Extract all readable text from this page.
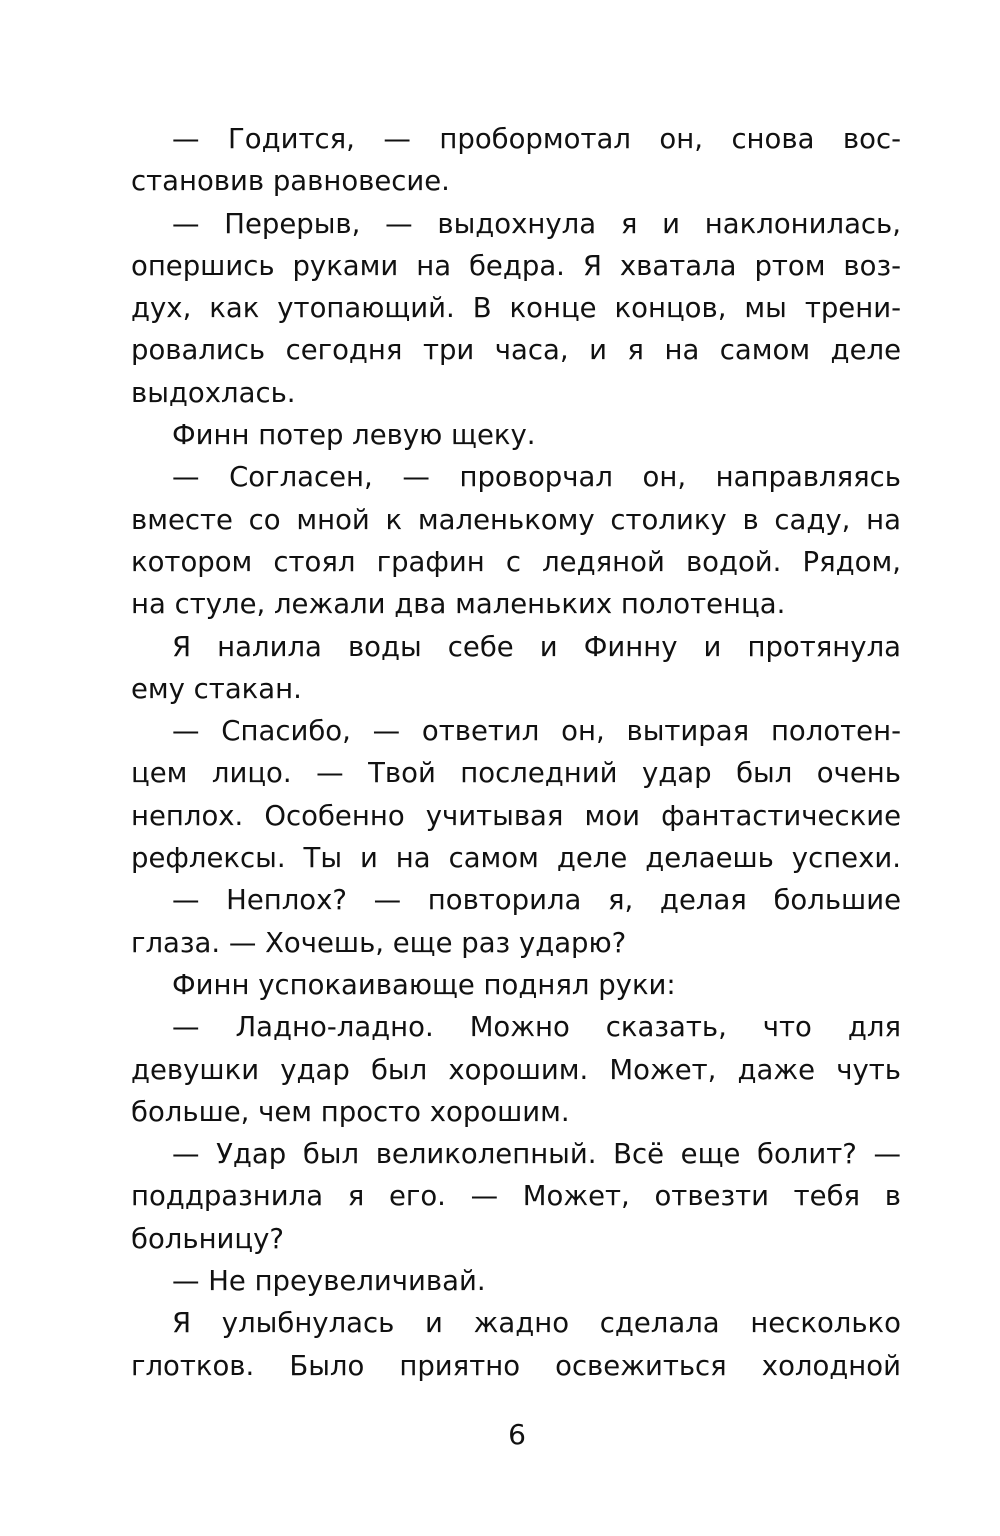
— Годится, — пробормотал он, снова вос-
становив равновесие.
— Перерыв, — выдохнула я и наклонилась,
опершись руками на бедра. Я хватала ртом воз-
дух, как утопающий. В конце концов, мы трени-
ровались сегодня три часа, и я на самом деле
выдохлась.
Финн потер левую щеку.
— Согласен, — проворчал он, направляясь
вместе со мной к маленькому столику в саду, на
котором стоял графин с ледяной водой. Рядом,
на стуле, лежали два маленьких полотенца.
Я налила воды себе и Финну и протянула
ему стакан.
— Спасибо, — ответил он, вытирая полотен-
цем лицо. — Твой последний удар был очень
неплох. Особенно учитывая мои фантастические
рефлексы. Ты и на самом деле делаешь успехи.
— Неплох? — повторила я, делая большие
глаза. — Хочешь, еще раз ударю?
Финн успокаивающе поднял руки:
— Ладно-ладно. Можно сказать, что для
девушки удар был хорошим. Может, даже чуть
больше, чем просто хорошим.
— Удар был великолепный. Всё еще болит? —
поддразнила я его. — Может, отвезти тебя в
больницу?
— Не преувеличивай.
Я улыбнулась и жадно сделала несколько
глотков. Было приятно освежиться холодной
6
